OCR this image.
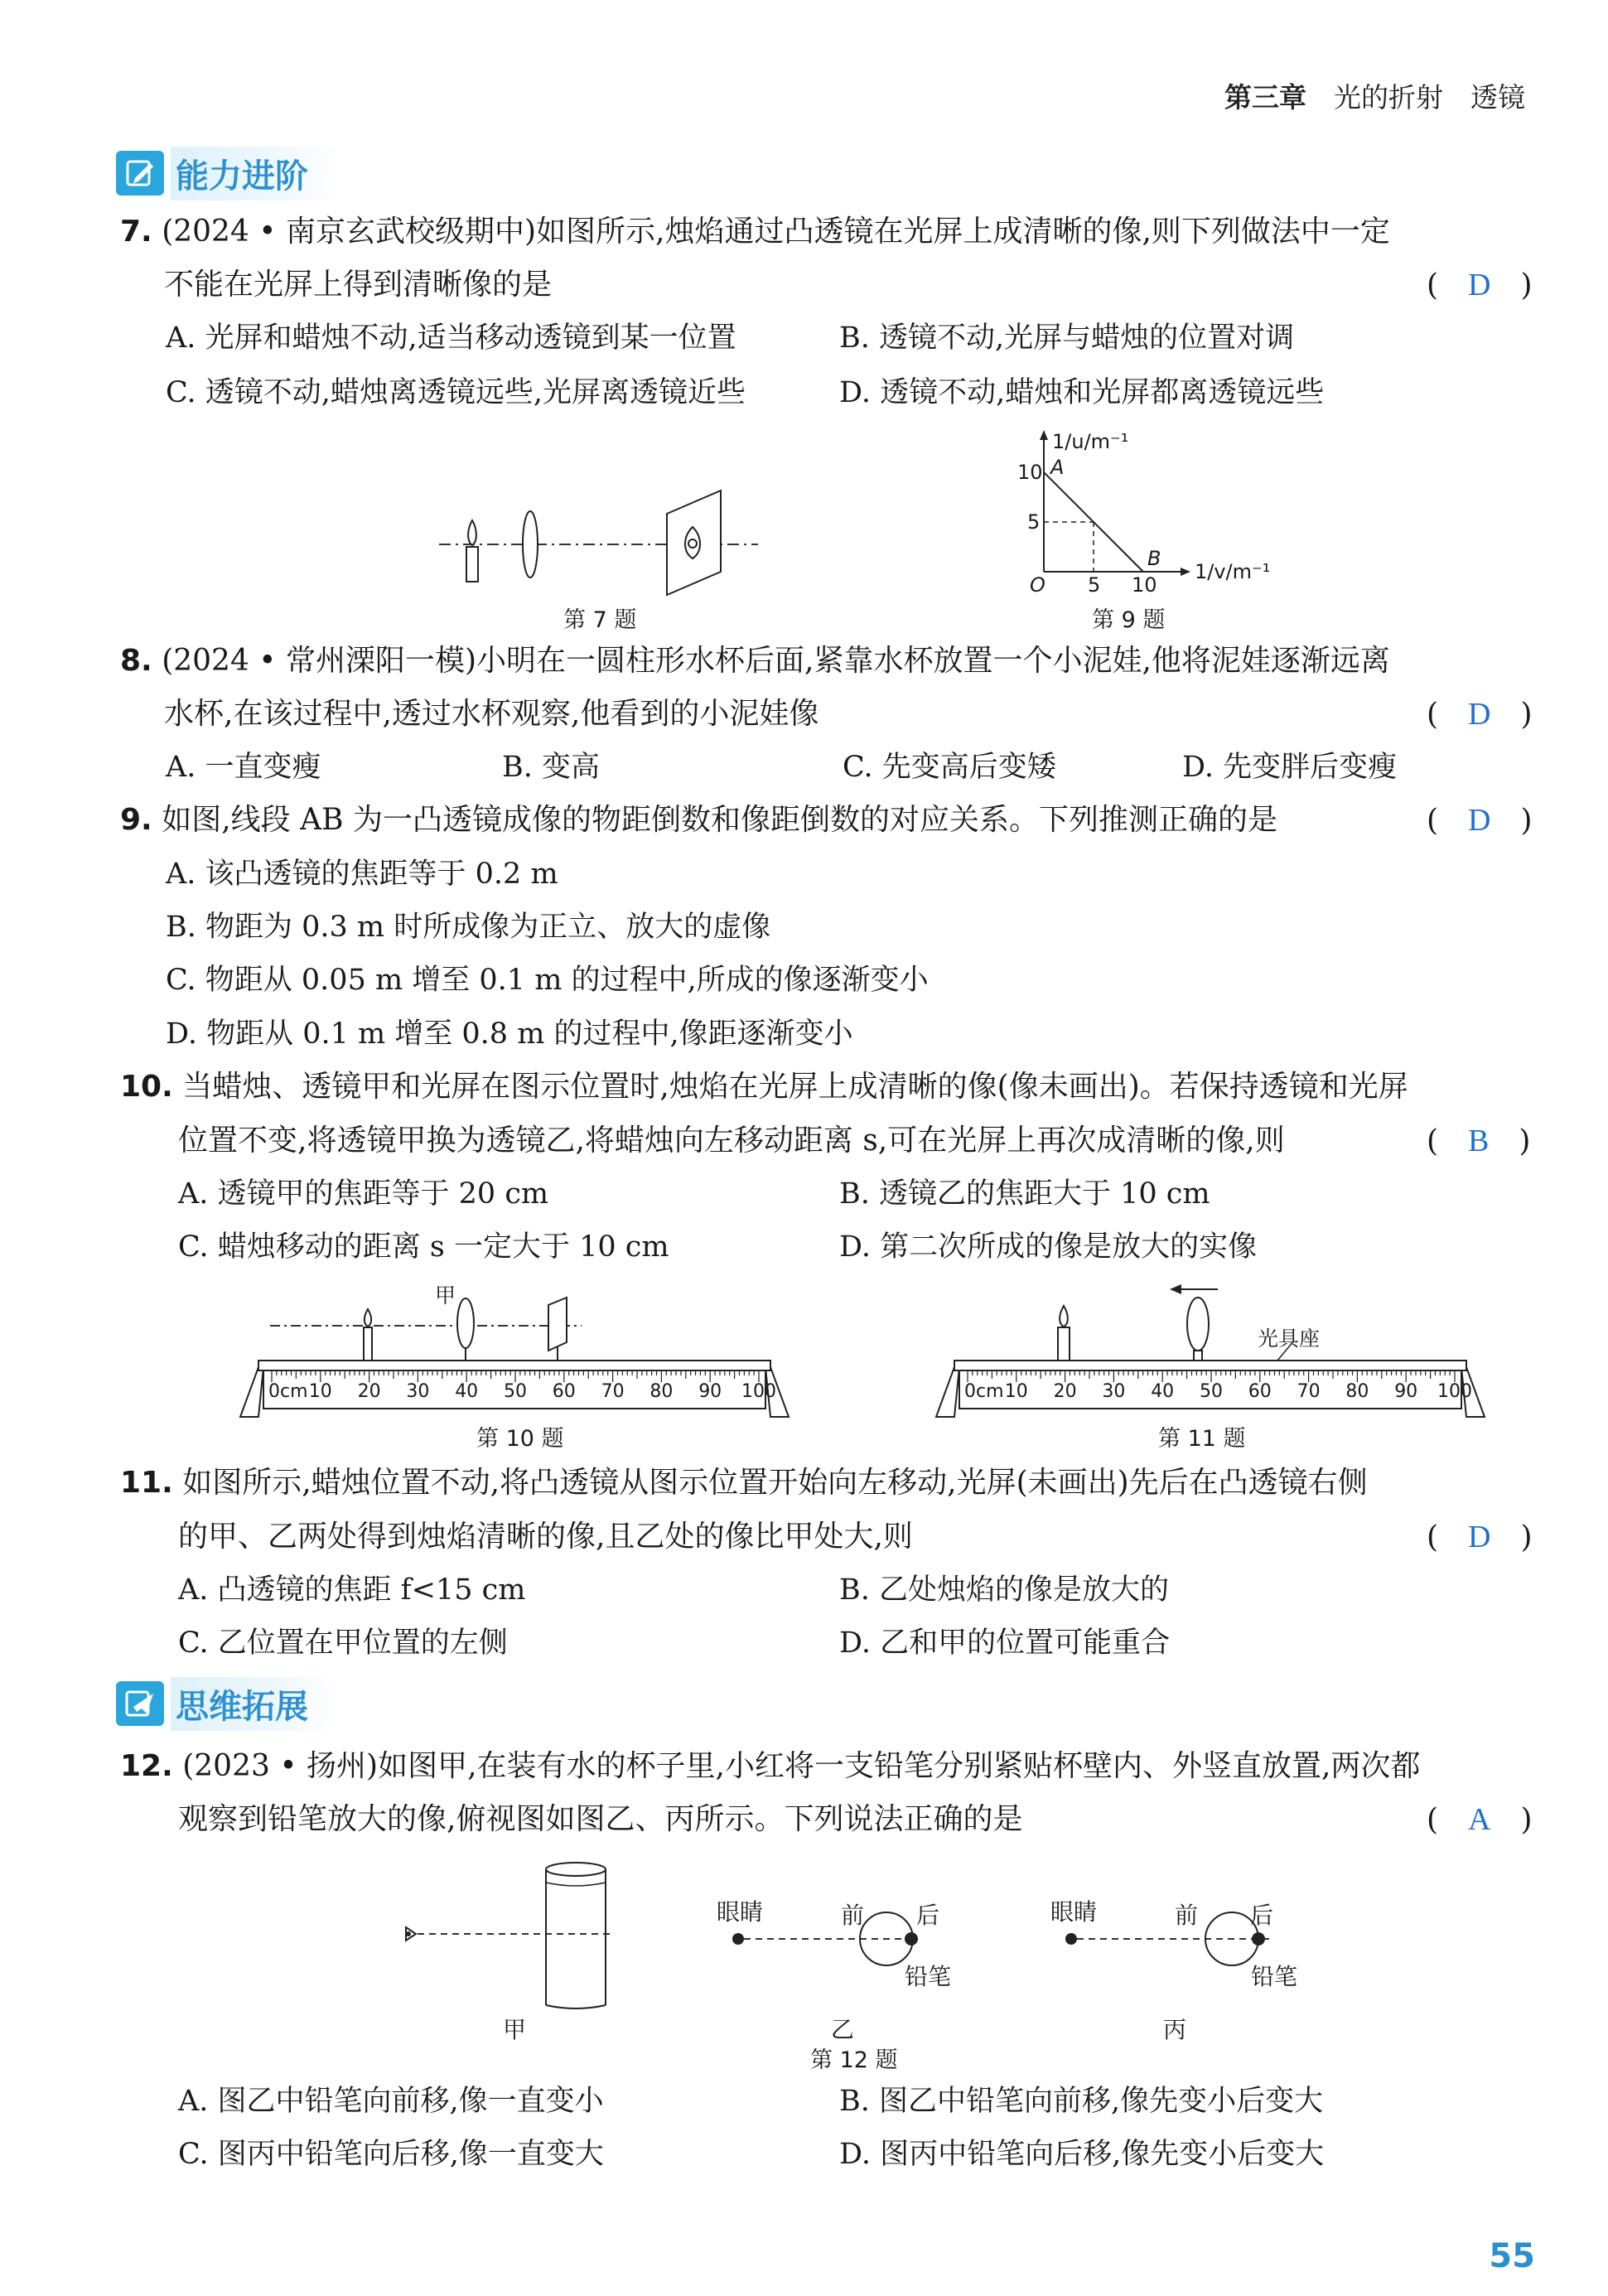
第三章　 光的折射　透镜
能力进阶
7. (2024 • 南京玄武校级期中)如图所示,烛焰通过凸透镜在光屏上成清晰的像,则下列做法中一定
不能在光屏上得到清晰像的是	(　D　)
A. 光屏和蜡烛不动,适当移动透镜到某一位置	B. 透镜不动,光屏与蜡烛的位置对调
C. 透镜不动,蜡烛离透镜远些,光屏离透镜近些	D. 透镜不动,蜡烛和光屏都离透镜远些
第 7 题
1/u/m⁻¹
1/v/m⁻¹
10
5
A
B
O 5 10
第 9 题
8. (2024 • 常州溧阳一模)小明在一圆柱形水杯后面,紧靠水杯放置一个小泥娃,他将泥娃逐渐远离
水杯,在该过程中,透过水杯观察,他看到的小泥娃像	(　D　)
A. 一直变瘦	B. 变高	C. 先变高后变矮	D. 先变胖后变瘦
9. 如图,线段 AB 为一凸透镜成像的物距倒数和像距倒数的对应关系。下列推测正确的是	(　D　)
A. 该凸透镜的焦距等于 0.2 m
B. 物距为 0.3 m 时所成像为正立、放大的虚像
C. 物距从 0.05 m 增至 0.1 m 的过程中,所成的像逐渐变小
D. 物距从 0.1 m 增至 0.8 m 的过程中,像距逐渐变小
10. 当蜡烛、透镜甲和光屏在图示位置时,烛焰在光屏上成清晰的像(像未画出)。若保持透镜和光屏
位置不变,将透镜甲换为透镜乙,将蜡烛向左移动距离 s,可在光屏上再次成清晰的像,则	(　B　)
A. 透镜甲的焦距等于 20 cm	B. 透镜乙的焦距大于 10 cm
C. 蜡烛移动的距离 s 一定大于 10 cm	D. 第二次所成的像是放大的实像
甲
第 10 题
光具座
第 11 题
0cm	0cm
10 20 30 40 50 60 70 80 90 100	10 20 30 40 50 60 70 80 90 100
11. 如图所示,蜡烛位置不动,将凸透镜从图示位置开始向左移动,光屏(未画出)先后在凸透镜右侧
的甲、乙两处得到烛焰清晰的像,且乙处的像比甲处大,则	(　D　)
A. 凸透镜的焦距 f<15 cm	B. 乙处烛焰的像是放大的
C. 乙位置在甲位置的左侧	D. 乙和甲的位置可能重合
思维拓展
12. (2023 • 扬州)如图甲,在装有水的杯子里,小红将一支铅笔分别紧贴杯壁内、外竖直放置,两次都
观察到铅笔放大的像,俯视图如图乙、丙所示。下列说法正确的是	(　A　)
甲
眼睛	前 后
铅笔
乙
第 12 题
眼睛	前 后
铅笔
丙
A. 图乙中铅笔向前移,像一直变小	B. 图乙中铅笔向前移,像先变小后变大
C. 图丙中铅笔向后移,像一直变大	D. 图丙中铅笔向后移,像先变小后变大
55
